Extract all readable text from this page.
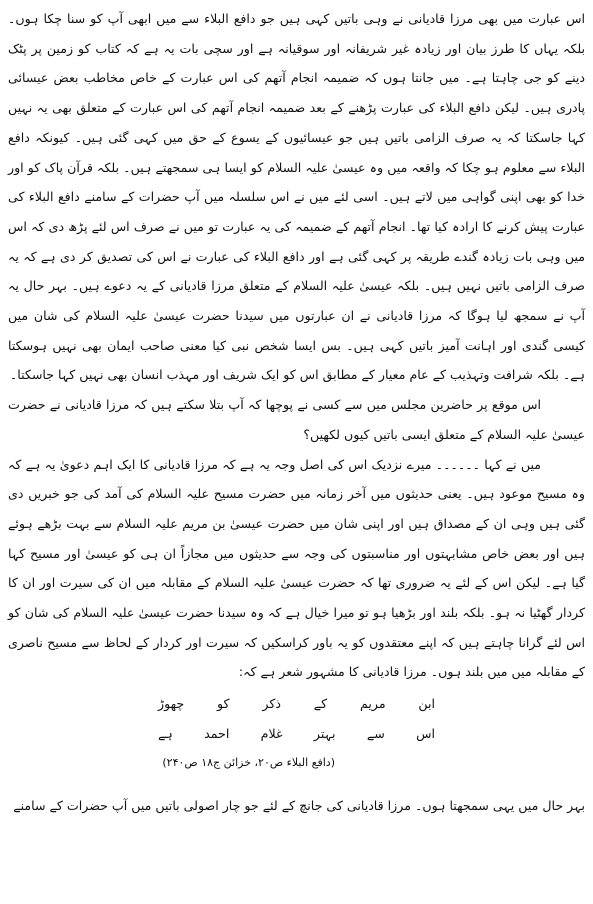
اس عبارت میں بھی مرزا قادیانی نے وہی باتیں کہی ہیں جو دافع البلاء سے میں ابھی آپ کو سنا چکا ہوں۔ بلکہ یہاں کا طرز بیان اور زیادہ غیر شریفانہ اور سوقیانہ ہے اور سچی بات یہ ہے کہ کتاب کو زمین پر پٹک دینے کو جی چاہتا ہے۔ میں جانتا ہوں کہ ضمیمہ انجام آتھم کی اس عبارت کے خاص مخاطب بعض عیسائی پادری ہیں۔ لیکن دافع البلاء کی عبارت پڑھنے کے بعد ضمیمہ انجام آتھم کی اس عبارت کے متعلق بھی یہ نہیں کہا جاسکتا کہ یہ صرف الزامی باتیں ہیں جو عیسائیوں کے یسوع کے حق میں کہی گئی ہیں۔ کیونکہ دافع البلاء سے معلوم ہو چکا کہ واقعہ میں وہ عیسیٰ علیہ السلام کو ایسا ہی سمجھتے ہیں۔ بلکہ قرآن پاک کو اور خدا کو بھی اپنی گواہی میں لاتے ہیں۔ اسی لئے میں نے اس سلسلہ میں آپ حضرات کے سامنے دافع البلاء کی عبارت پیش کرنے کا ارادہ کیا تھا۔ انجام آتھم کے ضمیمہ کی یہ عبارت تو میں نے صرف اس لئے پڑھ دی کہ اس میں وہی بات زیادہ گندے طریقہ پر کہی گئی ہے اور دافع البلاء کی عبارت نے اس کی تصدیق کر دی ہے کہ یہ صرف الزامی باتیں نہیں ہیں۔ بلکہ عیسیٰ علیہ السلام کے متعلق مرزا قادیانی کے یہ دعوے ہیں۔ بہر حال یہ آپ نے سمجھ لیا ہوگا کہ مرزا قادیانی نے ان عبارتوں میں سیدنا حضرت عیسیٰ علیہ السلام کی شان میں کیسی گندی اور اہانت آمیز باتیں کہی ہیں۔ بس ایسا شخص نبی کیا معنی صاحب ایمان بھی نہیں ہوسکتا ہے۔ بلکہ شرافت وتہذیب کے عام معیار کے مطابق اس کو ایک شریف اور مہذب انسان بھی نہیں کہا جاسکتا۔

اس موقع پر حاضرین مجلس میں سے کسی نے پوچھا کہ آپ بتلا سکتے ہیں کہ مرزا قادیانی نے حضرت عیسیٰ علیہ السلام کے متعلق ایسی باتیں کیوں لکھیں؟

میں نے کہا ۔۔۔۔۔۔ میرے نزدیک اس کی اصل وجہ یہ ہے کہ مرزا قادیانی کا ایک اہم دعویٰ یہ ہے کہ وہ مسیح موعود ہیں۔ یعنی حدیثوں میں آخر زمانہ میں حضرت مسیح علیہ السلام کی آمد کی جو خبریں دی گئی ہیں وہی ان کے مصداق ہیں اور اپنی شان میں حضرت عیسیٰ بن مریم علیہ السلام سے بہت بڑھے ہوئے ہیں اور بعض خاص مشابہتوں اور مناسبتوں کی وجہ سے حدیثوں میں مجازاً ان ہی کو عیسیٰ اور مسیح کہا گیا ہے۔ لیکن اس کے لئے یہ ضروری تھا کہ حضرت عیسیٰ علیہ السلام کے مقابلہ میں ان کی سیرت اور ان کا کردار گھٹیا نہ ہو۔ بلکہ بلند اور بڑھیا ہو تو میرا خیال ہے کہ وہ سیدنا حضرت عیسیٰ علیہ السلام کی شان کو اس لئے گرانا چاہتے ہیں کہ اپنے معتقدوں کو یہ باور کراسکیں کہ سیرت اور کردار کے لحاظ سے مسیح ناصری کے مقابلہ میں میں بلند ہوں۔ مرزا قادیانی کا مشہور شعر ہے کہ:

ابن
مریم
کے
ذکر
کو
چھوڑ
اس
سے
بہتر
غلام
احمد
ہے
(دافع البلاء ص۲۰، خزائن ج۱۸ ص۲۴۰)

بہر حال میں یہی سمجھتا ہوں۔ مرزا قادیانی کی جانچ کے لئے جو چار اصولی باتیں میں آپ حضرات کے سامنے
